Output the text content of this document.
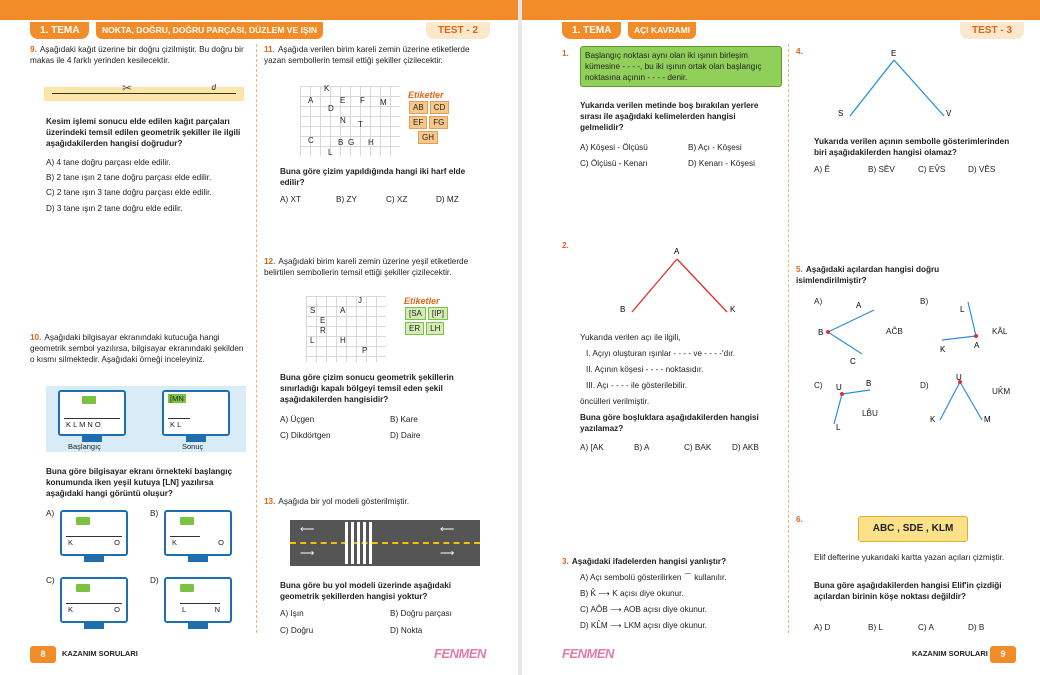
1. TEMA	NOKTA, DOĞRU, DOĞRU PARÇASI, DÜZLEM VE IŞIN	TEST - 2
9. Aşağıdaki kağıt üzerine bir doğru çizilmiştir. Bu doğru bir makas ile 4 farklı yerinden kesilecektir.
d
✂
Kesim işlemi sonucu elde edilen kağıt parçaları üzerindeki temsil edilen geometrik şekiller ile ilgili aşağıdakilerden hangisi doğrudur?
A) 4 tane doğru parçası elde edilir.
B) 2 tane ışın 2 tane doğru parçası elde edilir.
C) 2 tane ışın 3 tane doğru parçası elde edilir.
D) 3 tane ışın 2 tane doğru elde edilir.
10. Aşağıdaki bilgisayar ekranındaki kutucuğa hangi geometrik sembol yazılırsa, bilgisayar ekranındaki şekilden o kısmı silmektedir. Aşağıdaki örneği inceleyiniz.
K L M N O
[MN
K L
Başlangıç	Sonuç
Buna göre bilgisayar ekranı örnekteki başlangıç konumunda iken yeşil kutuya [LN] yazılırsa aşağıdaki hangi görüntü oluşur?
A)
K	O
B)
K	O
C)
K	O
D)
L	N
11. Aşağıda verilen birim kareli zemin üzerine etiketlerde yazan sembollerin temsil ettiği şekiller çizilecektir.
K
A	E F M
D
N T
C	B G H
L
Etiketler
AB CD EF FG GH
Buna göre çizim yapıldığında hangi iki harf elde edilir?
A) XT	B) ZY	C) XZ	D) MZ
12. Aşağıdaki birim kareli zemin üzerine yeşil etiketlerde belirtilen sembollerin temsil ettiği şekiller çizilecektir.
J
S	A
E
R
L	H
P
Etiketler
[SA [IP] ER LH
Buna göre çizim sonucu geometrik şekillerin sınırladığı kapalı bölgeyi temsil eden şekil aşağıdakilerden hangisidir?
A) Üçgen	B) Kare
C) Dikdörtgen	D) Daire
13. Aşağıda bir yol modeli gösterilmiştir.
⟵	⟵
⟶	⟶
Buna göre bu yol modeli üzerinde aşağıdaki geometrik şekillerden hangisi yoktur?
A) Işın	B) Doğru parçası
C) Doğru	D) Nokta
8	KAZANIM SORULARI	FENMEN
1. TEMA	AÇI KAVRAMI	TEST - 3
1.	Başlangıç noktası aynı olan iki ışının birleşim kümesine - - - -, bu iki ışının ortak olan başlangıç noktasına açının - - - - denir.
Yukarıda verilen metinde boş bırakılan yerlere sırası ile aşağıdaki kelimelerden hangisi gelmelidir?
A) Köşesi - Ölçüsü	B) Açı - Köşesi
C) Ölçüsü - Kenarı	D) Kenarı - Köşesi
2.
A
B	K
Yukarıda verilen açı ile ilgili,
I. Açıyı oluşturan ışınlar - - - - ve - - - -'dır.
II. Açının köşesi - - - - noktasıdır.
III. Açı - - - - ile gösterilebilir.
öncülleri verilmiştir.
Buna göre boşluklara aşağıdakilerden hangisi yazılamaz?
A) [AK	B) A	C) BAK	D) AKB
3. Aşağıdaki ifadelerden hangisi yanlıştır?
A) Açı sembolü gösterilirken ⌒ kullanılır.
B) K̂ ⟶ K açısı diye okunur.
C) AÔB ⟶ AOB açısı diye okunur.
D) KL̂M ⟶ LKM açısı diye okunur.
4.	E
S	V
Yukarıda verilen açının sembolle gösterimlerinden biri aşağıdakilerden hangisi olamaz?
A) Ê	B) SÊV	C) EV̂S	D) VÊS
5. Aşağıdaki açılardan hangisi doğru isimlendirilmiştir?
A)
B
A
C
AĈB
B)
L
A
K
KÂL
C) U	B
L
LB̂U
D)
U
K	M
UK̂M
6.
ABC , SDE , KLM
Elif defterine yukarıdaki kartta yazan açıları çizmiştir.
Buna göre aşağıdakilerden hangisi Elif'in çizdiği açılardan birinin köşe noktası değildir?
A) D	B) L	C) A	D) B
FENMEN	KAZANIM SORULARI	9
